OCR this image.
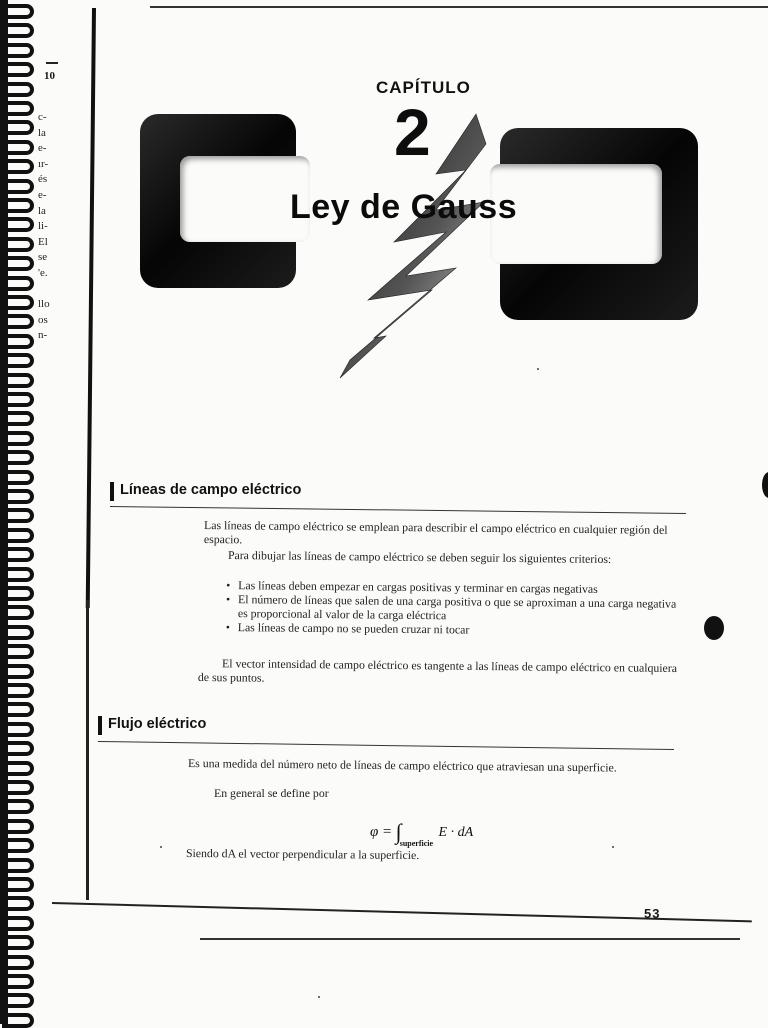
10
c-
la
e-
ır-
és
e-
la
li-
El
se
'e.

llo
os
n-
CAPÍTULO
2
Ley de Gauss
Líneas de campo eléctrico
Las líneas de campo eléctrico se emplean para describir el campo eléctrico en cualquier región del espacio.
Para dibujar las líneas de campo eléctrico se deben seguir los siguientes criterios:
• Las líneas deben empezar en cargas positivas y terminar en cargas negativas
• El número de líneas que salen de una carga positiva o que se aproximan a una carga negativa es proporcional al valor de la carga eléctrica
• Las líneas de campo no se pueden cruzar ni tocar
El vector intensidad de campo eléctrico es tangente a las líneas de campo eléctrico en cualquiera de sus puntos.
Flujo eléctrico
Es una medida del número neto de líneas de campo eléctrico que atraviesan una superficie.
En general se define por
$\varphi = \int_{superficie}$ E · dA
Siendo dA el vector perpendicular a la superficie.
53
